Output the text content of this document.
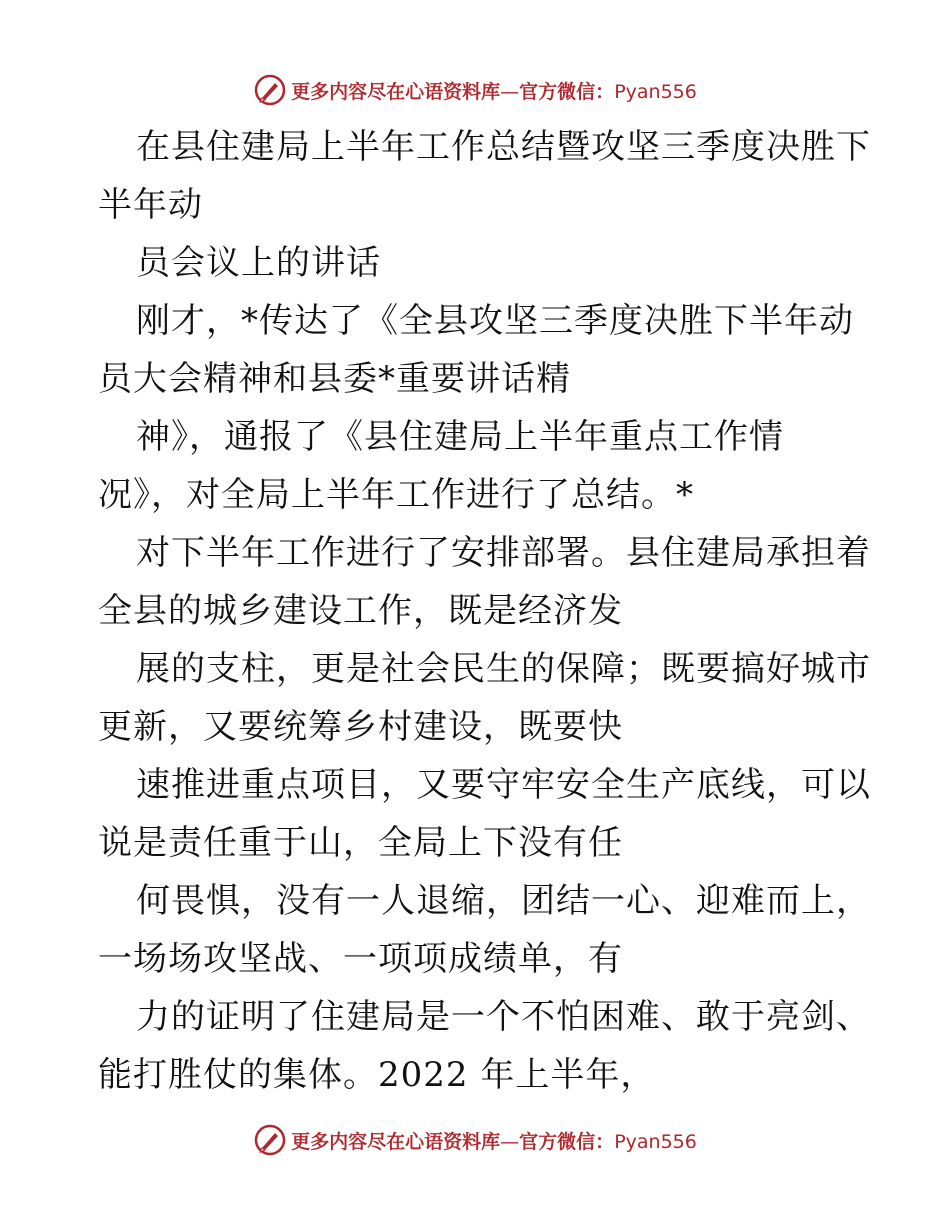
更多内容尽在心语资料库—官方微信：Pyan556
在县住建局上半年工作总结暨攻坚三季度决胜下
半年动
员会议上的讲话
刚才，*传达了《全县攻坚三季度决胜下半年动
员大会精神和县委*重要讲话精
神》，通报了《县住建局上半年重点工作情
况》，对全局上半年工作进行了总结。*
对下半年工作进行了安排部署。县住建局承担着
全县的城乡建设工作，既是经济发
展的支柱，更是社会民生的保障；既要搞好城市
更新，又要统筹乡村建设，既要快
速推进重点项目，又要守牢安全生产底线，可以
说是责任重于山，全局上下没有任
何畏惧，没有一人退缩，团结一心、迎难而上，
一场场攻坚战、一项项成绩单，有
力的证明了住建局是一个不怕困难、敢于亮剑、
能打胜仗的集体。2022 年上半年，
更多内容尽在心语资料库—官方微信：Pyan556
